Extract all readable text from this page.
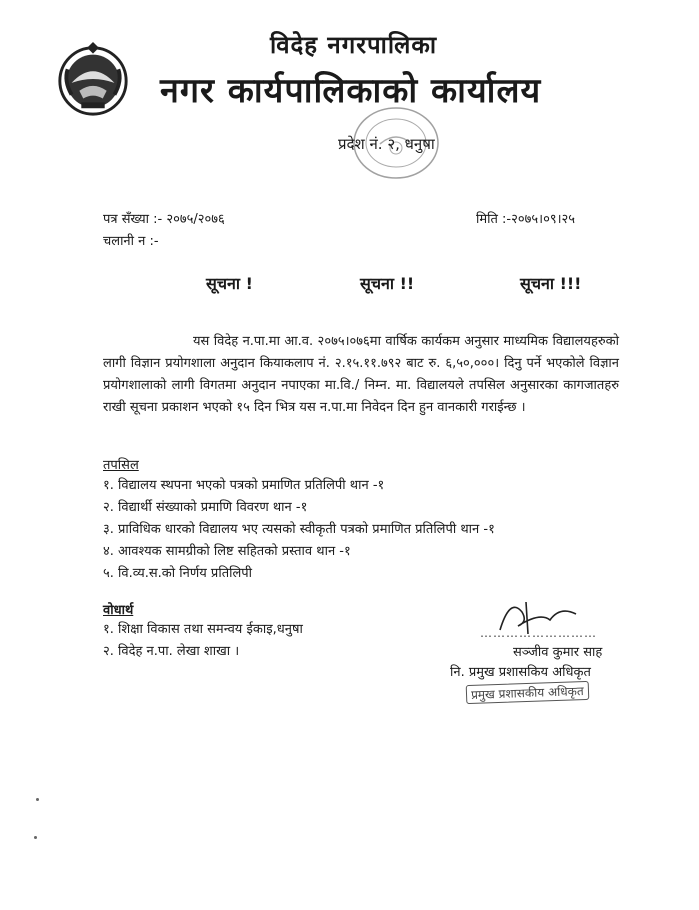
विदेह नगरपालिका
नगर कार्यपालिकाको कार्यालय
प्रदेश नं. २, धनुषा
पत्र सँख्या :- २०७५/२०७६
चलानी न :-
मिति :-२०७५।०९।२५
सूचना !	सूचना !!	सूचना !!!

यस विदेह न.पा.मा आ.व. २०७५।०७६मा वार्षिक कार्यकम अनुसार माध्यमिक विद्यालयहरुको लागी विज्ञान प्रयोगशाला अनुदान कियाकलाप नं. २.१५.११.७९२ बाट रु. ६,५०,०००। दिनु पर्ने भएकोले विज्ञान प्रयोगशालाको लागी विगतमा अनुदान नपाएका मा.वि./ निम्न. मा. विद्यालयले तपसिल अनुसारका कागजातहरु राखी सूचना प्रकाशन भएको १५ दिन भित्र यस न.पा.मा निवेदन दिन हुन वानकारी गराईन्छ ।

तपसिल
१. विद्यालय स्थपना भएको पत्रको प्रमाणित प्रतिलिपी थान -१
२. विद्यार्थी संख्याको प्रमाणि विवरण थान -१
३. प्राविधिक धारको विद्यालय भए त्यसको स्वीकृती पत्रको प्रमाणित प्रतिलिपी थान -१
४. आवश्यक सामग्रीको लिष्ट सहितको प्रस्ताव थान -१
५. वि.व्य.स.को निर्णय प्रतिलिपी
वोधार्थ
१. शिक्षा विकास तथा समन्वय ईकाइ,धनुषा
२. विदेह न.पा. लेखा शाखा ।
………………………
सञ्जीव कुमार साह
नि. प्रमुख प्रशासकिय अधिकृत
प्रमुख प्रशासकीय अधिकृत
